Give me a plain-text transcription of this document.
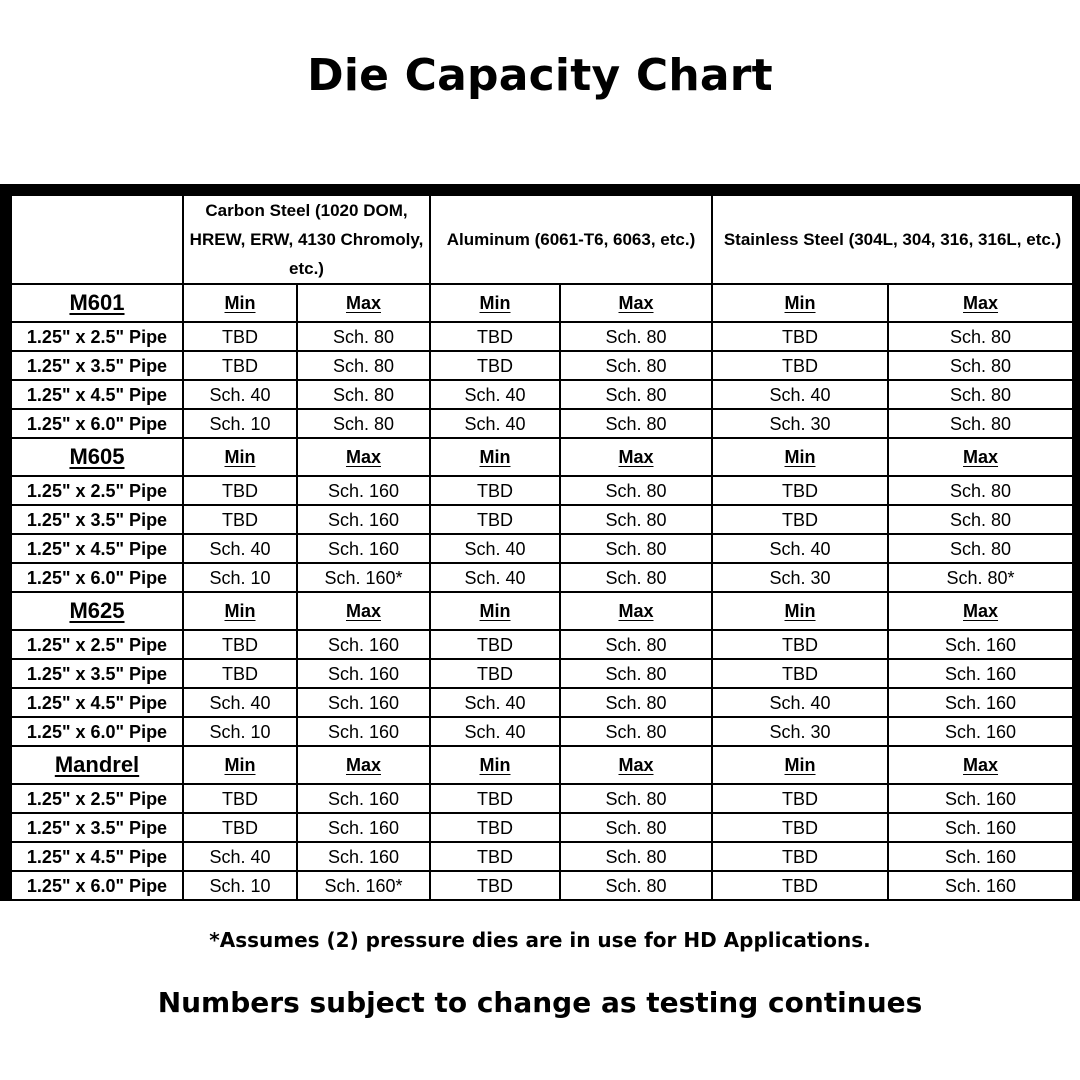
Die Capacity Chart
	Carbon Steel (1020 DOM, HREW, ERW, 4130 Chromoly, etc.)		Aluminum (6061-T6, 6063, etc.)		Stainless Steel (304L, 304, 316, 316L, etc.)	
M601	Min	Max	Min	Max	Min	Max
1.25" x 2.5" Pipe	TBD	Sch. 80	TBD	Sch. 80	TBD	Sch. 80
1.25" x 3.5" Pipe	TBD	Sch. 80	TBD	Sch. 80	TBD	Sch. 80
1.25" x 4.5" Pipe	Sch. 40	Sch. 80	Sch. 40	Sch. 80	Sch. 40	Sch. 80
1.25" x 6.0" Pipe	Sch. 10	Sch. 80	Sch. 40	Sch. 80	Sch. 30	Sch. 80
M605	Min	Max	Min	Max	Min	Max
1.25" x 2.5" Pipe	TBD	Sch. 160	TBD	Sch. 80	TBD	Sch. 80
1.25" x 3.5" Pipe	TBD	Sch. 160	TBD	Sch. 80	TBD	Sch. 80
1.25" x 4.5" Pipe	Sch. 40	Sch. 160	Sch. 40	Sch. 80	Sch. 40	Sch. 80
1.25" x 6.0" Pipe	Sch. 10	Sch. 160*	Sch. 40	Sch. 80	Sch. 30	Sch. 80*
M625	Min	Max	Min	Max	Min	Max
1.25" x 2.5" Pipe	TBD	Sch. 160	TBD	Sch. 80	TBD	Sch. 160
1.25" x 3.5" Pipe	TBD	Sch. 160	TBD	Sch. 80	TBD	Sch. 160
1.25" x 4.5" Pipe	Sch. 40	Sch. 160	Sch. 40	Sch. 80	Sch. 40	Sch. 160
1.25" x 6.0" Pipe	Sch. 10	Sch. 160	Sch. 40	Sch. 80	Sch. 30	Sch. 160
Mandrel	Min	Max	Min	Max	Min	Max
1.25" x 2.5" Pipe	TBD	Sch. 160	TBD	Sch. 80	TBD	Sch. 160
1.25" x 3.5" Pipe	TBD	Sch. 160	TBD	Sch. 80	TBD	Sch. 160
1.25" x 4.5" Pipe	Sch. 40	Sch. 160	TBD	Sch. 80	TBD	Sch. 160
1.25" x 6.0" Pipe	Sch. 10	Sch. 160*	TBD	Sch. 80	TBD	Sch. 160
*Assumes (2) pressure dies are in use for HD Applications.
Numbers subject to change as testing continues
